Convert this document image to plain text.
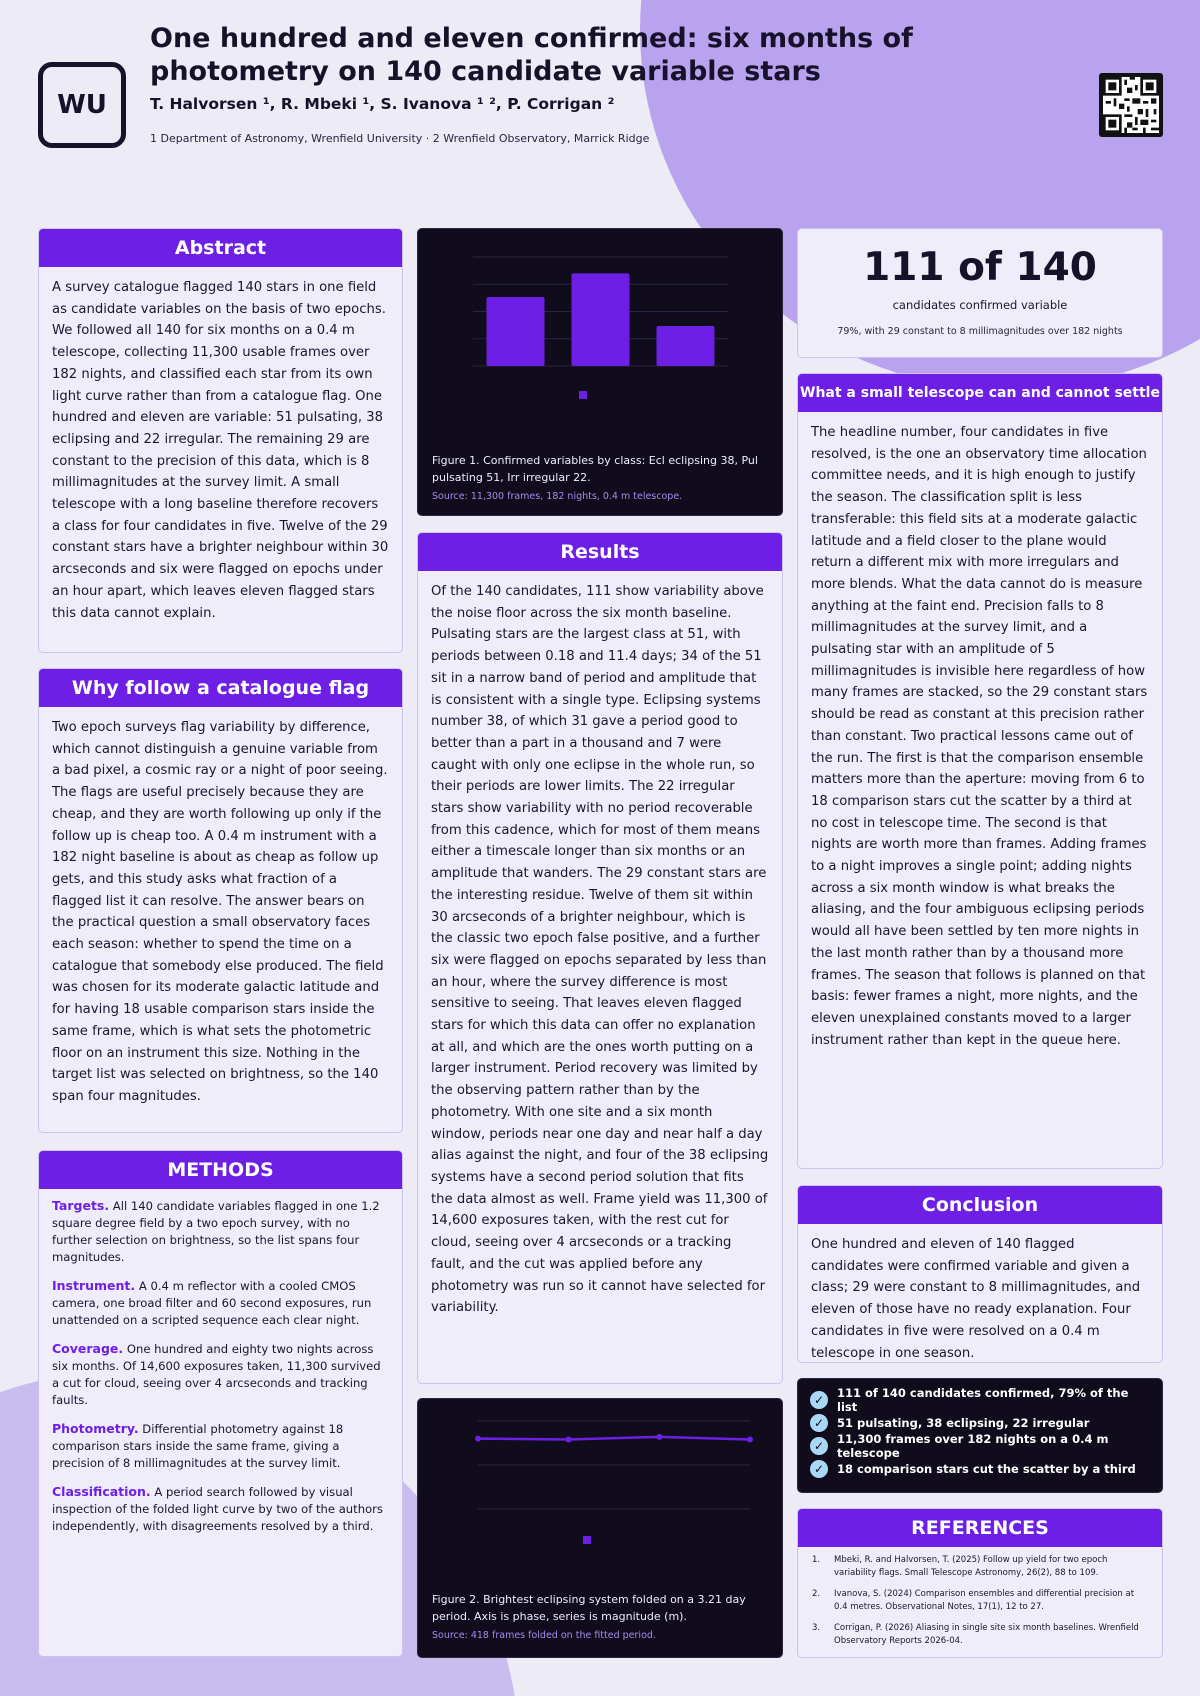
WU
One hundred and eleven confirmed: six months of photometry on 140 candidate variable stars
T. Halvorsen ¹, R. Mbeki ¹, S. Ivanova ¹ ², P. Corrigan ²
1 Department of Astronomy, Wrenfield University · 2 Wrenfield Observatory, Marrick Ridge
Abstract
A survey catalogue flagged 140 stars in one field as candidate variables on the basis of two epochs. We followed all 140 for six months on a 0.4 m telescope, collecting 11,300 usable frames over 182 nights, and classified each star from its own light curve rather than from a catalogue flag. One hundred and eleven are variable: 51 pulsating, 38 eclipsing and 22 irregular. The remaining 29 are constant to the precision of this data, which is 8 millimagnitudes at the survey limit. A small telescope with a long baseline therefore recovers a class for four candidates in five. Twelve of the 29 constant stars have a brighter neighbour within 30 arcseconds and six were flagged on epochs under an hour apart, which leaves eleven flagged stars this data cannot explain.
Why follow a catalogue flag
Two epoch surveys flag variability by difference, which cannot distinguish a genuine variable from a bad pixel, a cosmic ray or a night of poor seeing. The flags are useful precisely because they are cheap, and they are worth following up only if the follow up is cheap too. A 0.4 m instrument with a 182 night baseline is about as cheap as follow up gets, and this study asks what fraction of a flagged list it can resolve. The answer bears on the practical question a small observatory faces each season: whether to spend the time on a catalogue that somebody else produced. The field was chosen for its moderate galactic latitude and for having 18 usable comparison stars inside the same frame, which is what sets the photometric floor on an instrument this size. Nothing in the target list was selected on brightness, so the 140 span four magnitudes.
METHODS
Targets. All 140 candidate variables flagged in one 1.2 square degree field by a two epoch survey, with no further selection on brightness, so the list spans four magnitudes.
Instrument. A 0.4 m reflector with a cooled CMOS camera, one broad filter and 60 second exposures, run unattended on a scripted sequence each clear night.
Coverage. One hundred and eighty two nights across six months. Of 14,600 exposures taken, 11,300 survived a cut for cloud, seeing over 4 arcseconds and tracking faults.
Photometry. Differential photometry against 18 comparison stars inside the same frame, giving a precision of 8 millimagnitudes at the survey limit.
Classification. A period search followed by visual inspection of the folded light curve by two of the authors independently, with disagreements resolved by a third.
Figure 1. Confirmed variables by class: Ecl eclipsing 38, Pul pulsating 51, Irr irregular 22.
Source: 11,300 frames, 182 nights, 0.4 m telescope.
Results
Of the 140 candidates, 111 show variability above the noise floor across the six month baseline. Pulsating stars are the largest class at 51, with periods between 0.18 and 11.4 days; 34 of the 51 sit in a narrow band of period and amplitude that is consistent with a single type. Eclipsing systems number 38, of which 31 gave a period good to better than a part in a thousand and 7 were caught with only one eclipse in the whole run, so their periods are lower limits. The 22 irregular stars show variability with no period recoverable from this cadence, which for most of them means either a timescale longer than six months or an amplitude that wanders. The 29 constant stars are the interesting residue. Twelve of them sit within 30 arcseconds of a brighter neighbour, which is the classic two epoch false positive, and a further six were flagged on epochs separated by less than an hour, where the survey difference is most sensitive to seeing. That leaves eleven flagged stars for which this data can offer no explanation at all, and which are the ones worth putting on a larger instrument. Period recovery was limited by the observing pattern rather than by the photometry. With one site and a six month window, periods near one day and near half a day alias against the night, and four of the 38 eclipsing systems have a second period solution that fits the data almost as well. Frame yield was 11,300 of 14,600 exposures taken, with the rest cut for cloud, seeing over 4 arcseconds or a tracking fault, and the cut was applied before any photometry was run so it cannot have selected for variability.
Figure 2. Brightest eclipsing system folded on a 3.21 day period. Axis is phase, series is magnitude (m).
Source: 418 frames folded on the fitted period.
111 of 140
candidates confirmed variable
79%, with 29 constant to 8 millimagnitudes over 182 nights
What a small telescope can and cannot settle
The headline number, four candidates in five resolved, is the one an observatory time allocation committee needs, and it is high enough to justify the season. The classification split is less transferable: this field sits at a moderate galactic latitude and a field closer to the plane would return a different mix with more irregulars and more blends. What the data cannot do is measure anything at the faint end. Precision falls to 8 millimagnitudes at the survey limit, and a pulsating star with an amplitude of 5 millimagnitudes is invisible here regardless of how many frames are stacked, so the 29 constant stars should be read as constant at this precision rather than constant. Two practical lessons came out of the run. The first is that the comparison ensemble matters more than the aperture: moving from 6 to 18 comparison stars cut the scatter by a third at no cost in telescope time. The second is that nights are worth more than frames. Adding frames to a night improves a single point; adding nights across a six month window is what breaks the aliasing, and the four ambiguous eclipsing periods would all have been settled by ten more nights in the last month rather than by a thousand more frames. The season that follows is planned on that basis: fewer frames a night, more nights, and the eleven unexplained constants moved to a larger instrument rather than kept in the queue here.
Conclusion
One hundred and eleven of 140 flagged candidates were confirmed variable and given a class; 29 were constant to 8 millimagnitudes, and eleven of those have no ready explanation. Four candidates in five were resolved on a 0.4 m telescope in one season.
✓	111 of 140 candidates confirmed, 79% of the list
✓	51 pulsating, 38 eclipsing, 22 irregular
✓	11,300 frames over 182 nights on a 0.4 m telescope
✓	18 comparison stars cut the scatter by a third
REFERENCES
1.	Mbeki, R. and Halvorsen, T. (2025) Follow up yield for two epoch variability flags. Small Telescope Astronomy, 26(2), 88 to 109.
2.	Ivanova, S. (2024) Comparison ensembles and differential precision at 0.4 metres. Observational Notes, 17(1), 12 to 27.
3.	Corrigan, P. (2026) Aliasing in single site six month baselines. Wrenfield Observatory Reports 2026-04.
